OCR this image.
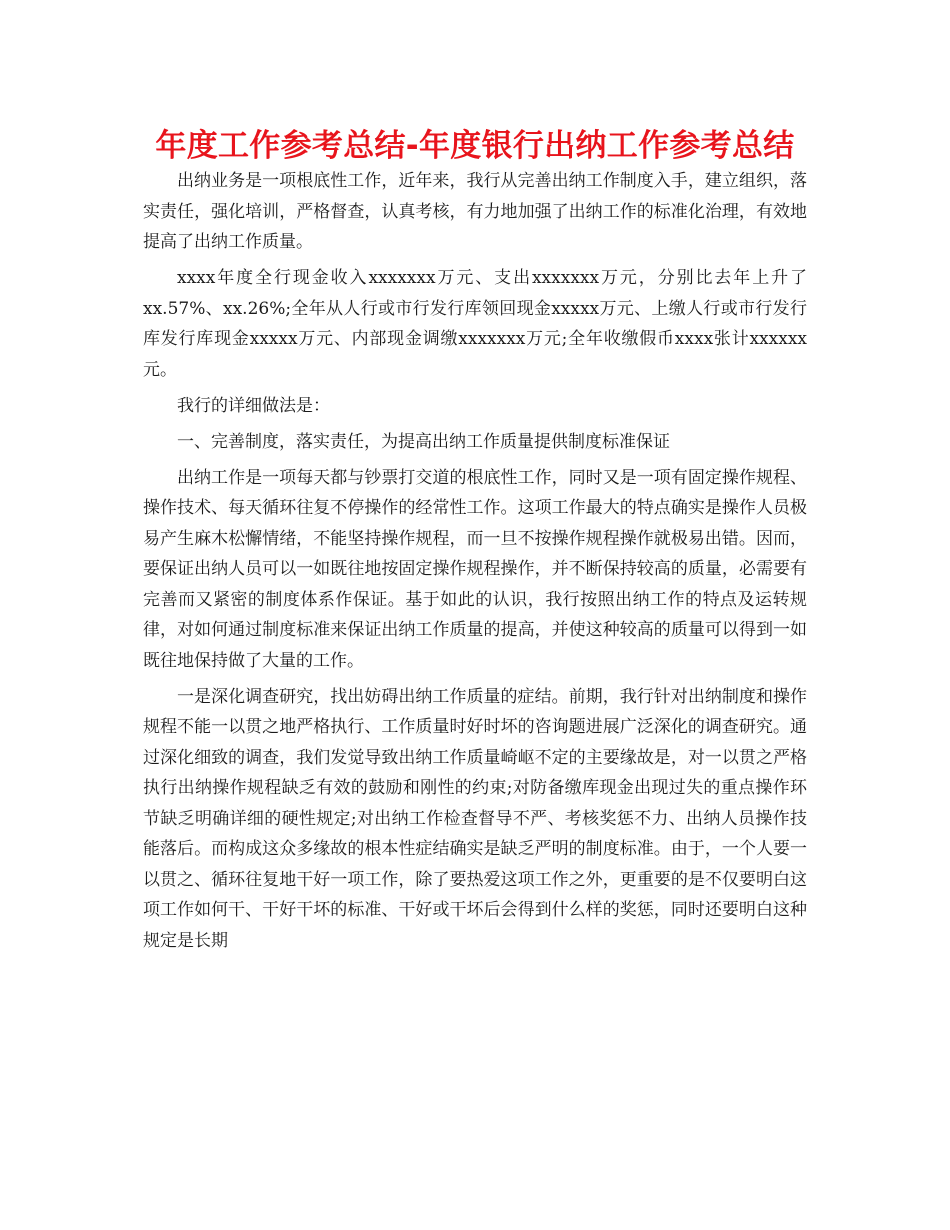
年度工作参考总结-年度银行出纳工作参考总结

出纳业务是一项根底性工作，近年来，我行从完善出纳工作制度入手，建立组织，落实责任，强化培训，严格督查，认真考核，有力地加强了出纳工作的标准化治理，有效地提高了出纳工作质量。

xxxx年度全行现金收入xxxxxxx万元、支出xxxxxxx万元，分别比去年上升了xx.57%、xx.26%;全年从人行或市行发行库领回现金xxxxx万元、上缴人行或市行发行库发行库现金xxxxx万元、内部现金调缴xxxxxxx万元;全年收缴假币xxxx张计xxxxxx元。

我行的详细做法是：

一、完善制度，落实责任，为提高出纳工作质量提供制度标准保证

出纳工作是一项每天都与钞票打交道的根底性工作，同时又是一项有固定操作规程、操作技术、每天循环往复不停操作的经常性工作。这项工作最大的特点确实是操作人员极易产生麻木松懈情绪，不能坚持操作规程，而一旦不按操作规程操作就极易出错。因而，要保证出纳人员可以一如既往地按固定操作规程操作，并不断保持较高的质量，必需要有完善而又紧密的制度体系作保证。基于如此的认识，我行按照出纳工作的特点及运转规律，对如何通过制度标准来保证出纳工作质量的提高，并使这种较高的质量可以得到一如既往地保持做了大量的工作。

一是深化调查研究，找出妨碍出纳工作质量的症结。前期，我行针对出纳制度和操作规程不能一以贯之地严格执行、工作质量时好时坏的咨询题进展广泛深化的调查研究。通过深化细致的调查，我们发觉导致出纳工作质量崎岖不定的主要缘故是，对一以贯之严格执行出纳操作规程缺乏有效的鼓励和刚性的约束;对防备缴库现金出现过失的重点操作环节缺乏明确详细的硬性规定;对出纳工作检查督导不严、考核奖惩不力、出纳人员操作技能落后。而构成这众多缘故的根本性症结确实是缺乏严明的制度标准。由于，一个人要一以贯之、循环往复地干好一项工作，除了要热爱这项工作之外，更重要的是不仅要明白这项工作如何干、干好干坏的标准、干好或干坏后会得到什么样的奖惩，同时还要明白这种规定是长期
